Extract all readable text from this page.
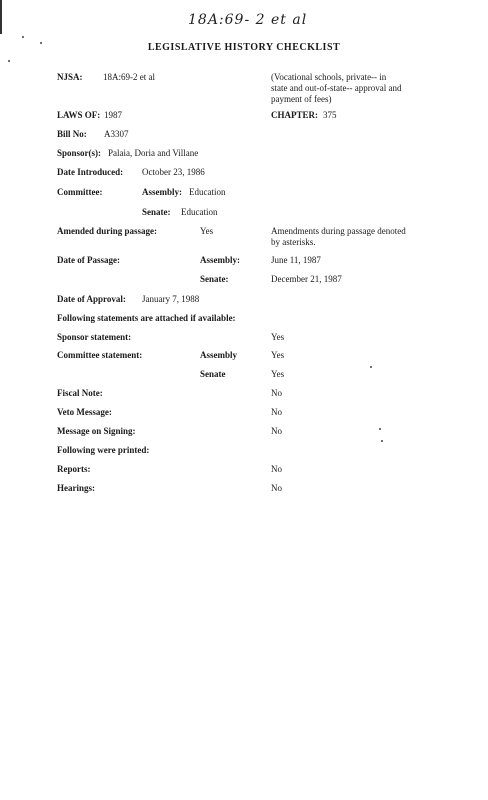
18A:69- 2 et al
LEGISLATIVE HISTORY CHECKLIST
NJSA: 18A:69-2 et al	(Vocational schools, private-- in
state and out-of-state-- approval and
payment of fees)
LAWS OF: 1987	CHAPTER: 375
Bill No: A3307
Sponsor(s): Palaia, Doria and Villane
Date Introduced: October 23, 1986
Committee:	Assembly: Education
Senate: Education
Amended during passage:	Yes	Amendments during passage denoted
by asterisks.
Date of Passage:	Assembly:	June 11, 1987
Senate:	December 21, 1987
Date of Approval: January 7, 1988
Following statements are attached if available:
Sponsor statement:	Yes
Committee statement:	Assembly	Yes
Senate	Yes
Fiscal Note:	No
Veto Message:	No
Message on Signing:	No
Following were printed:
Reports:	No
Hearings:	No
